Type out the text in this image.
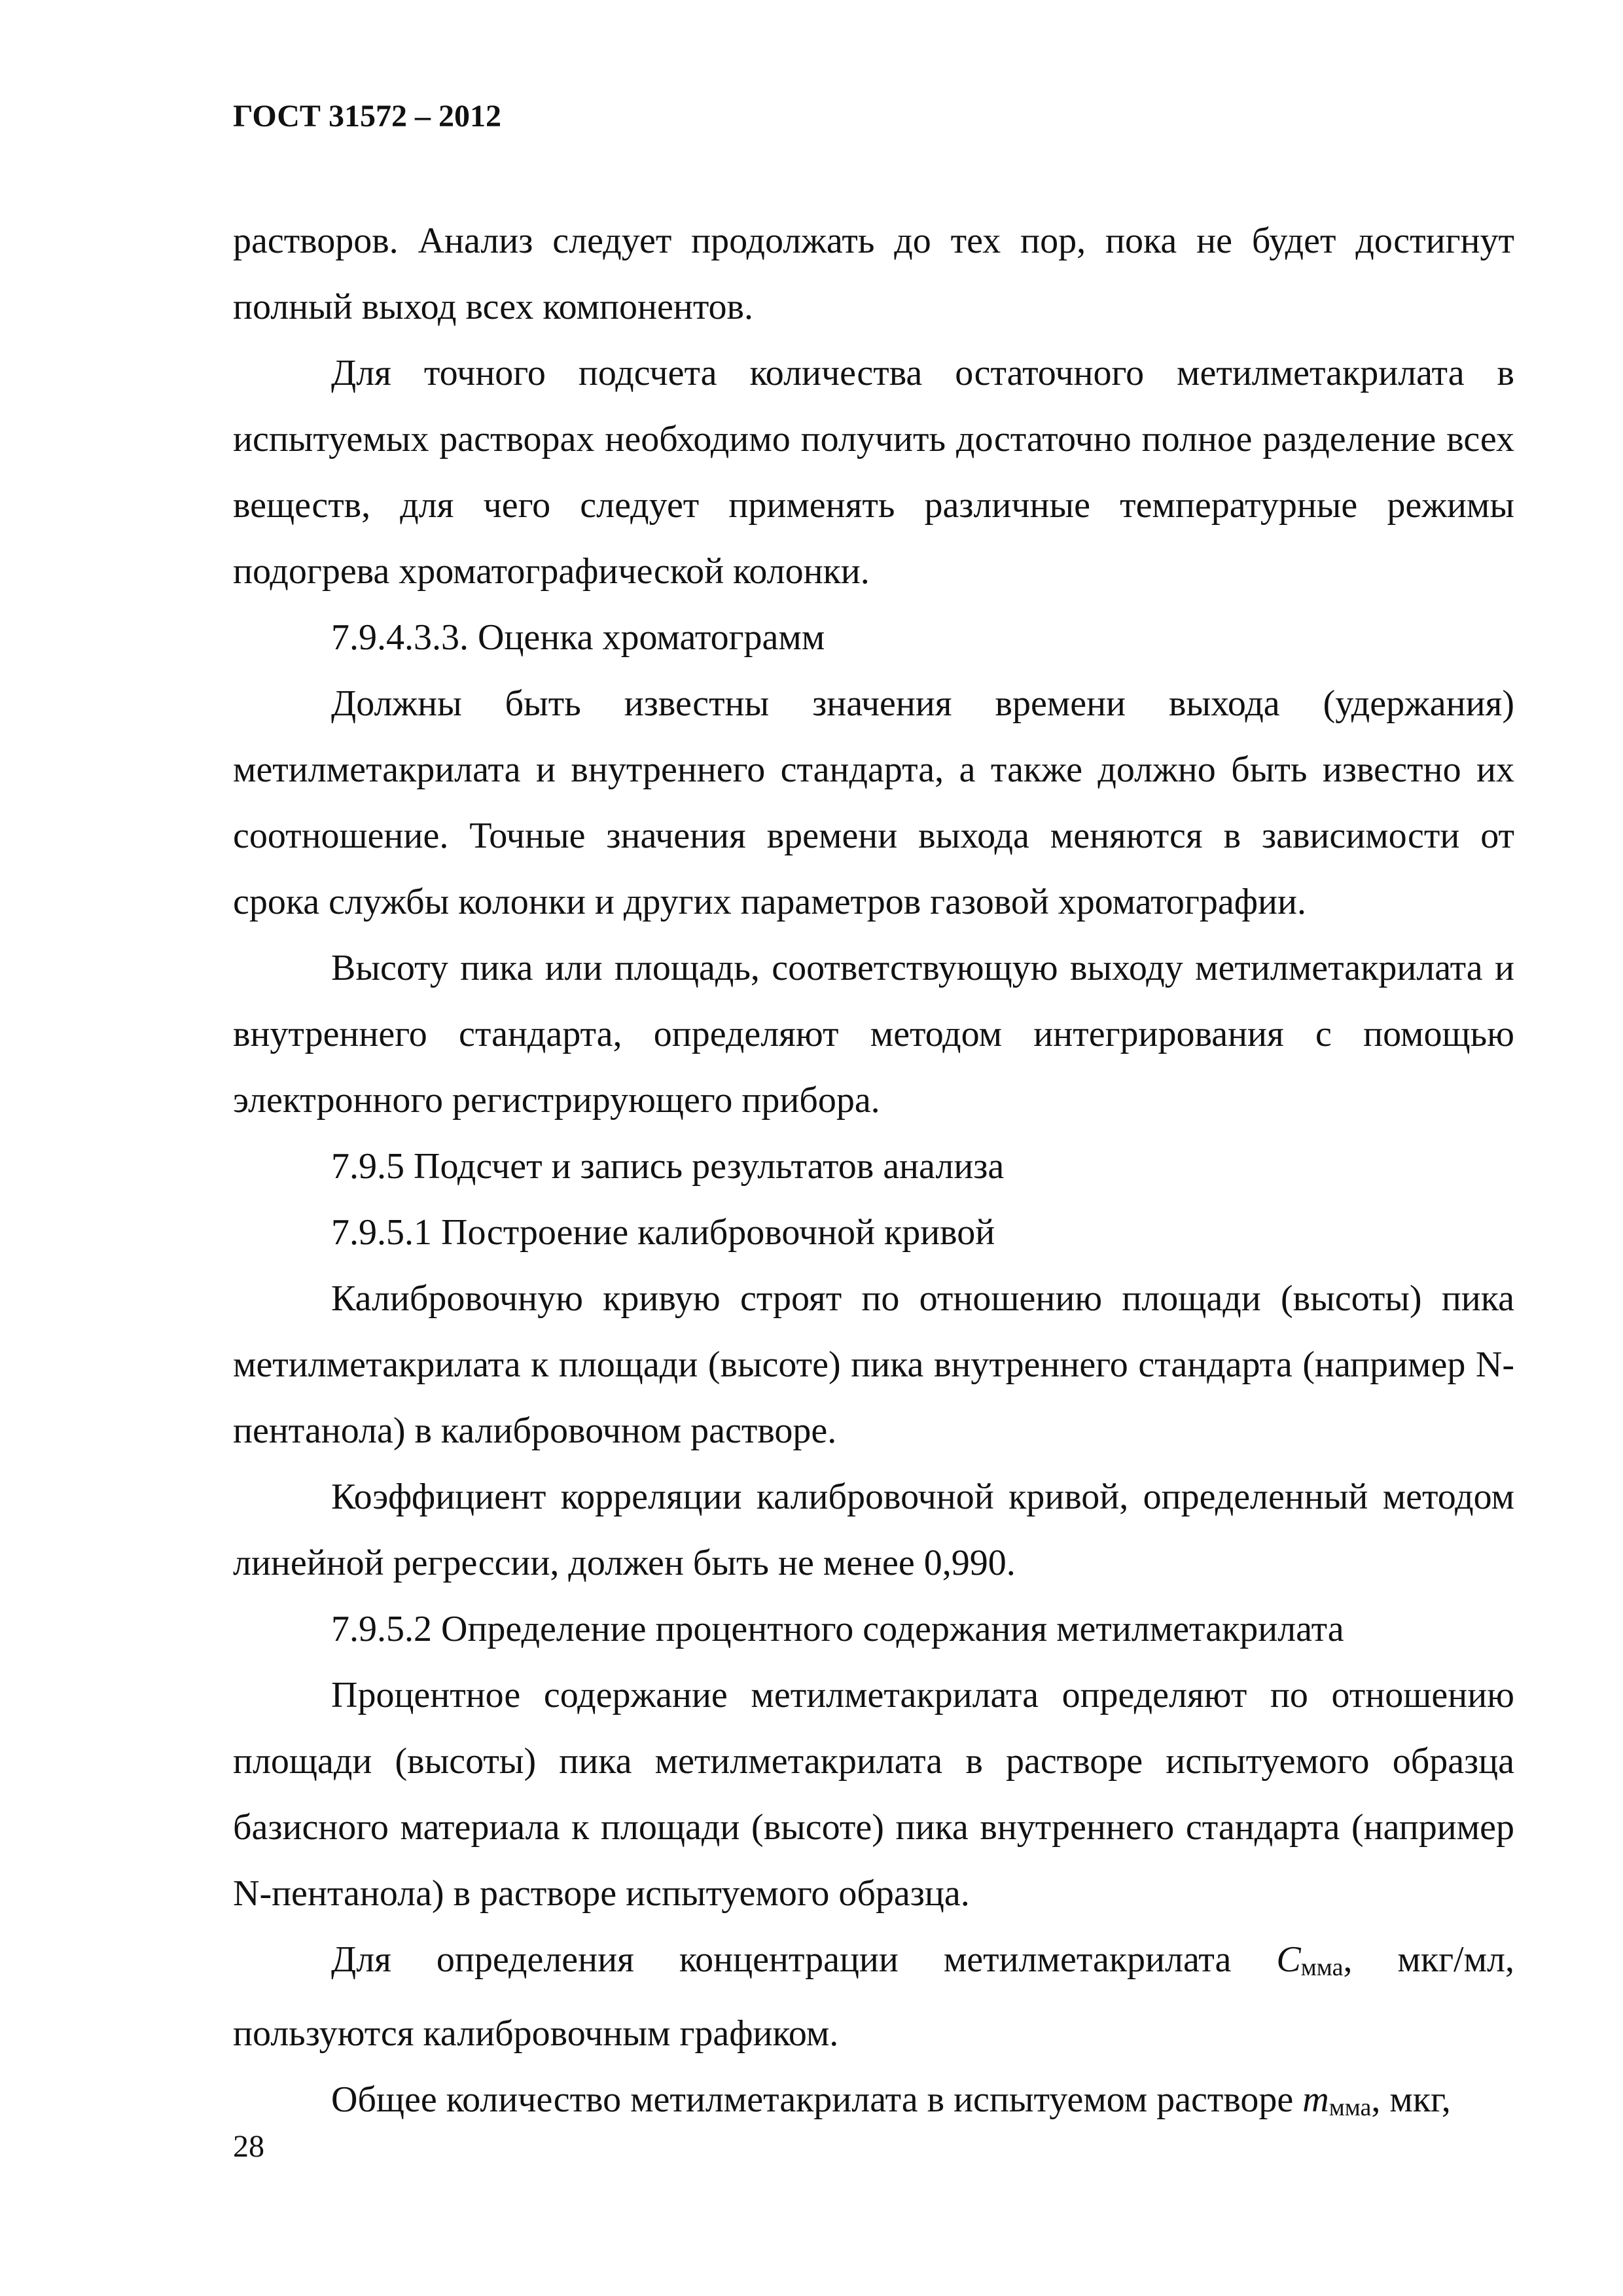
ГОСТ 31572 – 2012

растворов. Анализ следует продолжать до тех пор, пока не будет достигнут полный выход всех компонентов.

Для точного подсчета количества остаточного метилметакрилата в испытуемых растворах необходимо получить достаточно полное разделение всех веществ, для чего следует применять различные температурные режимы подогрева хроматографической колонки.

7.9.4.3.3. Оценка хроматограмм

Должны быть известны значения времени выхода (удержания) метилметакрилата и внутреннего стандарта, а также должно быть известно их соотношение. Точные значения времени выхода меняются в зависимости от срока службы колонки и других параметров газовой хроматографии.

Высоту пика или площадь, соответствующую выходу метилметакрилата и внутреннего стандарта, определяют методом интегрирования с помощью электронного регистрирующего прибора.

7.9.5 Подсчет и запись результатов анализа

7.9.5.1 Построение калибровочной кривой

Калибровочную кривую строят по отношению площади (высоты) пика метилметакрилата к площади (высоте) пика внутреннего стандарта (например N-пентанола) в калибровочном растворе.

Коэффициент корреляции калибровочной кривой, определенный методом линейной регрессии, должен быть не менее 0,990.

7.9.5.2 Определение процентного содержания метилметакрилата

Процентное содержание метилметакрилата определяют по отношению площади (высоты) пика метилметакрилата в растворе испытуемого образца базисного материала к площади (высоте) пика внутреннего стандарта (например N-пентанола) в растворе испытуемого образца.

Для определения концентрации метилметакрилата Cмма, мкг/мл, пользуются калибровочным графиком.

Общее количество метилметакрилата в испытуемом растворе mмма, мкг,

28
